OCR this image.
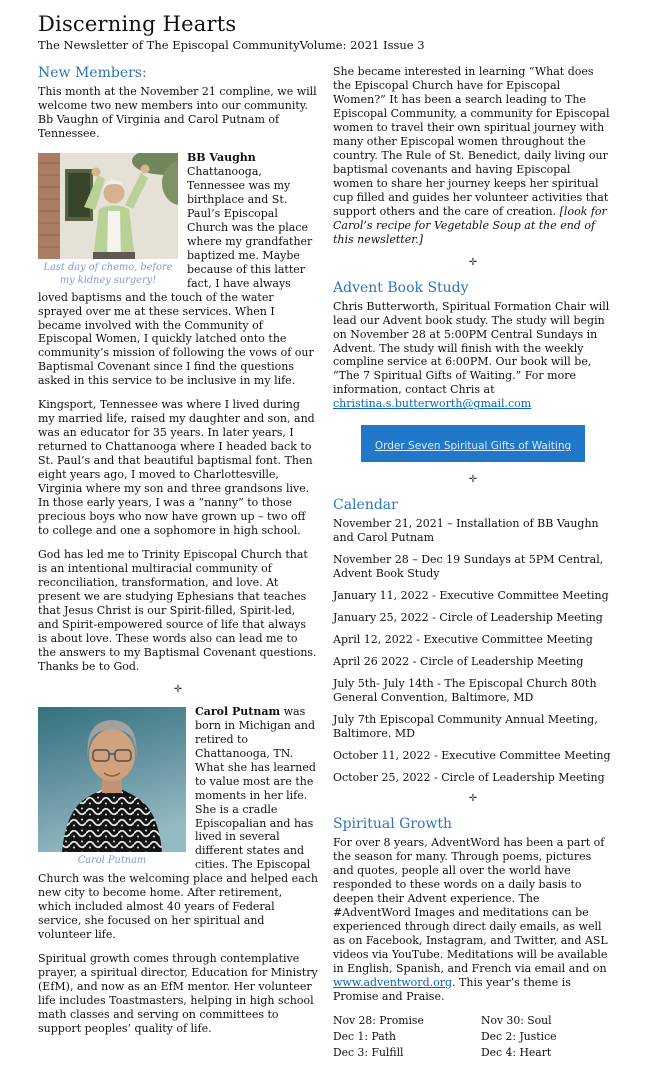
Discerning Hearts
The Newsletter of The Episcopal CommunityVolume: 2021 Issue 3
New Members:

This month at the November 21 compline, we will welcome two new members into our community. Bb Vaughn of Virginia and Carol Putnam of Tennessee.

Last day of chemo, before my kidney surgery!

BB Vaughn
Chattanooga, Tennessee was my birthplace and St. Paul’s Episcopal Church was the place where my grandfather baptized me. Maybe because of this latter fact, I have always loved baptisms and the touch of the water sprayed over me at these services. When I became involved with the Community of Episcopal Women, I quickly latched onto the community’s mission of following the vows of our Baptismal Covenant since I find the questions asked in this service to be inclusive in my life.

Kingsport, Tennessee was where I lived during my married life, raised my daughter and son, and was an educator for 35 years. In later years, I returned to Chattanooga where I headed back to St. Paul’s and that beautiful baptismal font. Then eight years ago, I moved to Charlottesville, Virginia where my son and three grandsons live. In those early years, I was a “nanny” to those precious boys who now have grown up – two off to college and one a sophomore in high school.

God has led me to Trinity Episcopal Church that is an intentional multiracial community of reconciliation, transformation, and love. At present we are studying Ephesians that teaches that Jesus Christ is our Spirit-filled, Spirit-led, and Spirit-empowered source of life that always is about love. These words also can lead me to the answers to my Baptismal Covenant questions. Thanks be to God.

✛
Carol Putnam

Carol Putnam was born in Michigan and retired to Chattanooga, TN. What she has learned to value most are the moments in her life. She is a cradle Episcopalian and has lived in several different states and cities. The Episcopal Church was the welcoming place and helped each new city to become home. After retirement, which included almost 40 years of Federal service, she focused on her spiritual and volunteer life.

Spiritual growth comes through contemplative prayer, a spiritual director, Education for Ministry (EfM), and now as an EfM mentor. Her volunteer life includes Toastmasters, helping in high school math classes and serving on committees to support peoples’ quality of life.

She became interested in learning “What does the Episcopal Church have for Episcopal Women?” It has been a search leading to The Episcopal Community, a community for Episcopal women to travel their own spiritual journey with many other Episcopal women throughout the country. The Rule of St. Benedict, daily living our baptismal covenants and having Episcopal women to share her journey keeps her spiritual cup filled and guides her volunteer activities that support others and the care of creation. [look for Carol’s recipe for Vegetable Soup at the end of this newsletter.]

✛
Advent Book Study

Chris Butterworth, Spiritual Formation Chair will lead our Advent book study. The study will begin on November 28 at 5:00PM Central Sundays in Advent. The study will finish with the weekly compline service at 6:00PM. Our book will be, “The 7 Spiritual Gifts of Waiting.” For more information, contact Chris at christina.s.butterworth@gmail.com

Order Seven Spiritual Gifts of Waiting
✛
Calendar

November 21, 2021 – Installation of BB Vaughn and Carol Putnam

November 28 – Dec 19 Sundays at 5PM Central, Advent Book Study

January 11, 2022 - Executive Committee Meeting

January 25, 2022 - Circle of Leadership Meeting

April 12, 2022 - Executive Committee Meeting

April 26 2022 - Circle of Leadership Meeting

July 5th- July 14th - The Episcopal Church 80th General Convention, Baltimore, MD

July 7th Episcopal Community Annual Meeting, Baltimore. MD

October 11, 2022 - Executive Committee Meeting

October 25, 2022 - Circle of Leadership Meeting

✛
Spiritual Growth

For over 8 years, AdventWord has been a part of the season for many. Through poems, pictures and quotes, people all over the world have responded to these words on a daily basis to deepen their Advent experience. The #AdventWord Images and meditations can be experienced through direct daily emails, as well as on Facebook, Instagram, and Twitter, and ASL videos via YouTube. Meditations will be available in English, Spanish, and French via email and on www.adventword.org. This year’s theme is Promise and Praise.

Nov 28: Promise	Nov 30: Soul
Dec 1: Path	Dec 2: Justice
Dec 3: Fulfill	Dec 4: Heart
